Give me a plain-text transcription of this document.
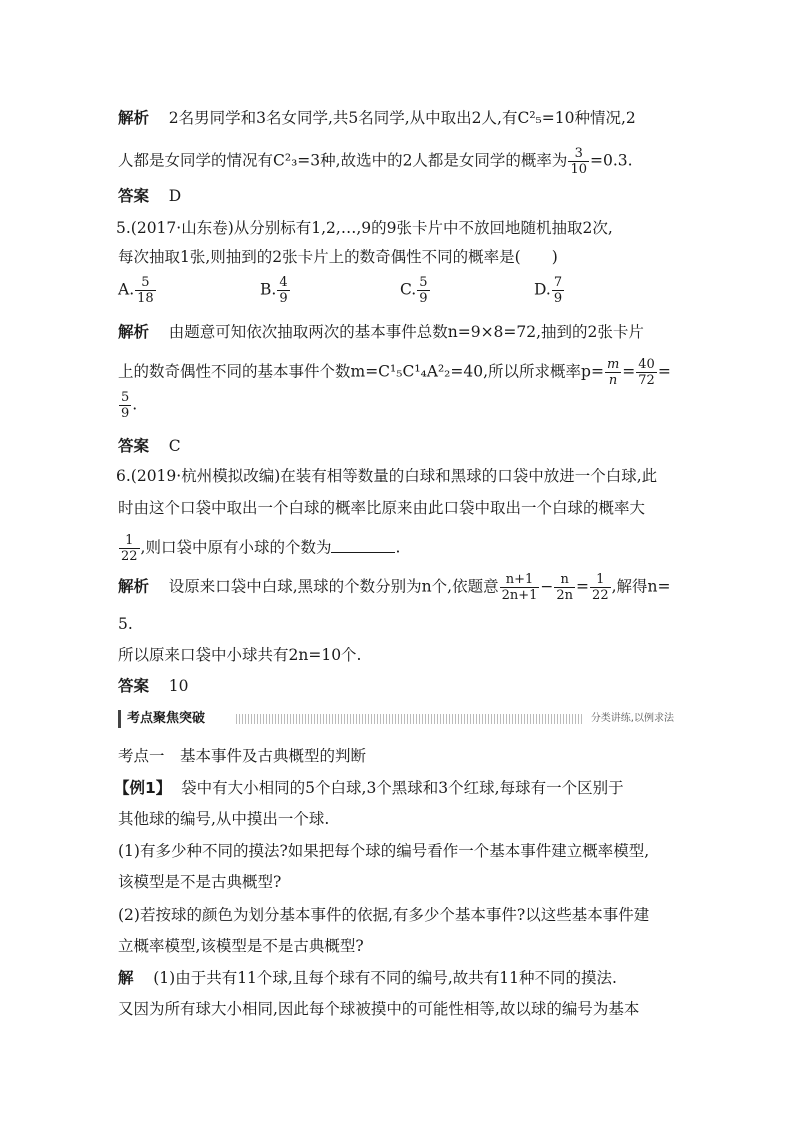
解析 2名男同学和3名女同学,共5名同学,从中取出2人,有C²₅=10种情况,2
人都是女同学的情况有C²₃=3种,故选中的2人都是女同学的概率为 $\frac{3}{10} =0.3$.
答案 D
5.(2017·山东卷)从分别标有1,2,…,9的9张卡片中不放回地随机抽取2次,
每次抽取1张,则抽到的2张卡片上的数奇偶性不同的概率是(　　)
A. $\frac{5}{18}$	B. $\frac{4}{9}$	C. $\frac{5}{9}$	D. $\frac{7}{9}$
解析 由题意可知依次抽取两次的基本事件总数n=9×8=72,抽到的2张卡片
上的数奇偶性不同的基本事件个数m=C¹₅C¹₄A²₂=40,所以所求概率$p= \frac{m}{n} = \frac{40}{72}$ =
$\frac{5}{9}$ .
答案 C
6.(2019·杭州模拟改编)在装有相等数量的白球和黑球的口袋中放进一个白球,此
时由这个口袋中取出一个白球的概率比原来由此口袋中取出一个白球的概率大
$\frac{1}{22}$ ,则口袋中原有小球的个数为	.
解析 设原来口袋中白球,黑球的个数分别为n个,依题意 $\frac{n+1}{2n+1} - \frac{n}{2n} = \frac{1}{22}$ ,解得n=
5.
所以原来口袋中小球共有2n=10个.
答案 10
考点聚焦突破	分类讲练,以例求法
考点一　基本事件及古典概型的判断
【例1】 袋中有大小相同的5个白球,3个黑球和3个红球,每球有一个区别于
其他球的编号,从中摸出一个球.
(1)有多少种不同的摸法?如果把每个球的编号看作一个基本事件建立概率模型,
该模型是不是古典概型?
(2)若按球的颜色为划分基本事件的依据,有多少个基本事件?以这些基本事件建
立概率模型,该模型是不是古典概型?
解 (1)由于共有11个球,且每个球有不同的编号,故共有11种不同的摸法.
又因为所有球大小相同,因此每个球被摸中的可能性相等,故以球的编号为基本
